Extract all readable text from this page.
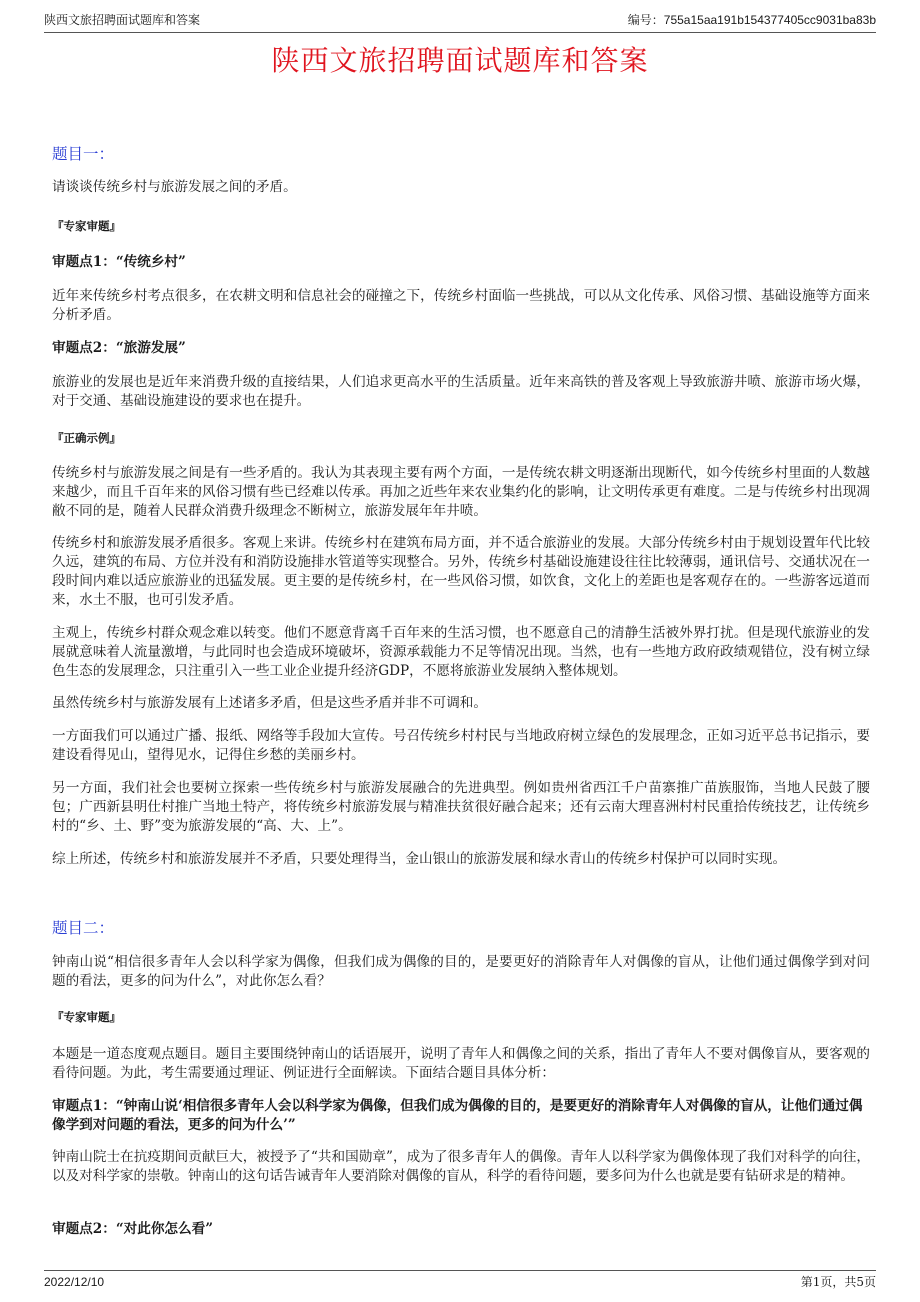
陕西文旅招聘面试题库和答案	编号：755a15aa191b154377405cc9031ba83b
陕西文旅招聘面试题库和答案
题目一：
请谈谈传统乡村与旅游发展之间的矛盾。
『专家审题』
审题点1：“传统乡村”
近年来传统乡村考点很多，在农耕文明和信息社会的碰撞之下，传统乡村面临一些挑战，可以从文化传承、风俗习惯、基础设施等方面来分析矛盾。
审题点2：“旅游发展”
旅游业的发展也是近年来消费升级的直接结果，人们追求更高水平的生活质量。近年来高铁的普及客观上导致旅游井喷、旅游市场火爆，对于交通、基础设施建设的要求也在提升。
『正确示例』
传统乡村与旅游发展之间是有一些矛盾的。我认为其表现主要有两个方面，一是传统农耕文明逐渐出现断代，如今传统乡村里面的人数越来越少，而且千百年来的风俗习惯有些已经难以传承。再加之近些年来农业集约化的影响，让文明传承更有难度。二是与传统乡村出现凋敝不同的是，随着人民群众消费升级理念不断树立，旅游发展年年井喷。
传统乡村和旅游发展矛盾很多。客观上来讲。传统乡村在建筑布局方面，并不适合旅游业的发展。大部分传统乡村由于规划设置年代比较久远，建筑的布局、方位并没有和消防设施排水管道等实现整合。另外，传统乡村基础设施建设往往比较薄弱，通讯信号、交通状况在一段时间内难以适应旅游业的迅猛发展。更主要的是传统乡村，在一些风俗习惯，如饮食，文化上的差距也是客观存在的。一些游客远道而来，水土不服，也可引发矛盾。
主观上，传统乡村群众观念难以转变。他们不愿意背离千百年来的生活习惯，也不愿意自己的清静生活被外界打扰。但是现代旅游业的发展就意味着人流量激增，与此同时也会造成环境破坏，资源承载能力不足等情况出现。当然，也有一些地方政府政绩观错位，没有树立绿色生态的发展理念，只注重引入一些工业企业提升经济GDP，不愿将旅游业发展纳入整体规划。
虽然传统乡村与旅游发展有上述诸多矛盾，但是这些矛盾并非不可调和。
一方面我们可以通过广播、报纸、网络等手段加大宣传。号召传统乡村村民与当地政府树立绿色的发展理念，正如习近平总书记指示，要建设看得见山，望得见水，记得住乡愁的美丽乡村。
另一方面，我们社会也要树立探索一些传统乡村与旅游发展融合的先进典型。例如贵州省西江千户苗寨推广苗族服饰，当地人民鼓了腰包；广西新县明仕村推广当地土特产，将传统乡村旅游发展与精准扶贫很好融合起来；还有云南大理喜洲村村民重拾传统技艺，让传统乡村的“乡、土、野”变为旅游发展的“高、大、上”。
综上所述，传统乡村和旅游发展并不矛盾，只要处理得当，金山银山的旅游发展和绿水青山的传统乡村保护可以同时实现。
题目二：
钟南山说“相信很多青年人会以科学家为偶像，但我们成为偶像的目的，是要更好的消除青年人对偶像的盲从，让他们通过偶像学到对问题的看法，更多的问为什么”，对此你怎么看？
『专家审题』
本题是一道态度观点题目。题目主要围绕钟南山的话语展开，说明了青年人和偶像之间的关系，指出了青年人不要对偶像盲从，要客观的看待问题。为此，考生需要通过理证、例证进行全面解读。下面结合题目具体分析：
审题点1：“钟南山说‘相信很多青年人会以科学家为偶像，但我们成为偶像的目的，是要更好的消除青年人对偶像的盲从，让他们通过偶像学到对问题的看法，更多的问为什么’”
钟南山院士在抗疫期间贡献巨大，被授予了“共和国勋章”，成为了很多青年人的偶像。青年人以科学家为偶像体现了我们对科学的向往，以及对科学家的崇敬。钟南山的这句话告诫青年人要消除对偶像的盲从，科学的看待问题，要多问为什么也就是要有钻研求是的精神。
审题点2：“对此你怎么看”
2022/12/10	第1页，共5页
